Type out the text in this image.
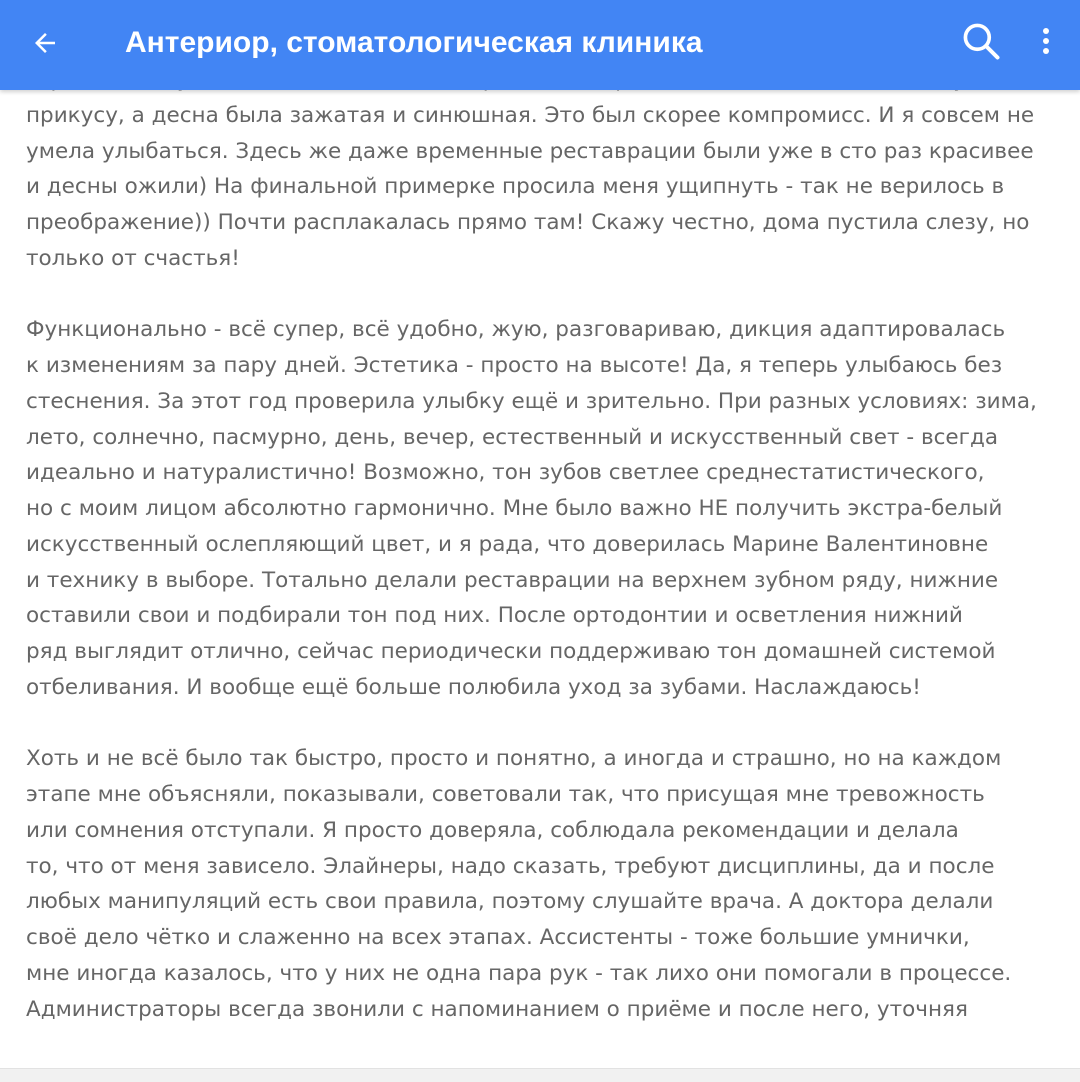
прикусу, а десна была зажатая и синюшная. Это был скорее компромисс. И я совсем не
умела улыбаться. Здесь же даже временные реставрации были уже в сто раз красивее
и десны ожили) На финальной примерке просила меня ущипнуть - так не верилось в
преображение)) Почти расплакалась прямо там! Скажу честно, дома пустила слезу, но
только от счастья!
Функционально - всё супер, всё удобно, жую, разговариваю, дикция адаптировалась
к изменениям за пару дней. Эстетика - просто на высоте! Да, я теперь улыбаюсь без
стеснения. За этот год проверила улыбку ещё и зрительно. При разных условиях: зима,
лето, солнечно, пасмурно, день, вечер, естественный и искусственный свет - всегда
идеально и натуралистично! Возможно, тон зубов светлее среднестатистического,
но с моим лицом абсолютно гармонично. Мне было важно НЕ получить экстра-белый
искусственный ослепляющий цвет, и я рада, что доверилась Марине Валентиновне
и технику в выборе. Тотально делали реставрации на верхнем зубном ряду, нижние
оставили свои и подбирали тон под них. После ортодонтии и осветления нижний
ряд выглядит отлично, сейчас периодически поддерживаю тон домашней системой
отбеливания. И вообще ещё больше полюбила уход за зубами. Наслаждаюсь!
Хоть и не всё было так быстро, просто и понятно, а иногда и страшно, но на каждом
этапе мне объясняли, показывали, советовали так, что присущая мне тревожность
или сомнения отступали. Я просто доверяла, соблюдала рекомендации и делала
то, что от меня зависело. Элайнеры, надо сказать, требуют дисциплины, да и после
любых манипуляций есть свои правила, поэтому слушайте врача. А доктора делали
своё дело чётко и слаженно на всех этапах. Ассистенты - тоже большие умнички,
мне иногда казалось, что у них не одна пара рук - так лихо они помогали в процессе.
Администраторы всегда звонили с напоминанием о приёме и после него, уточняя
Антериор, стоматологическая клиника
